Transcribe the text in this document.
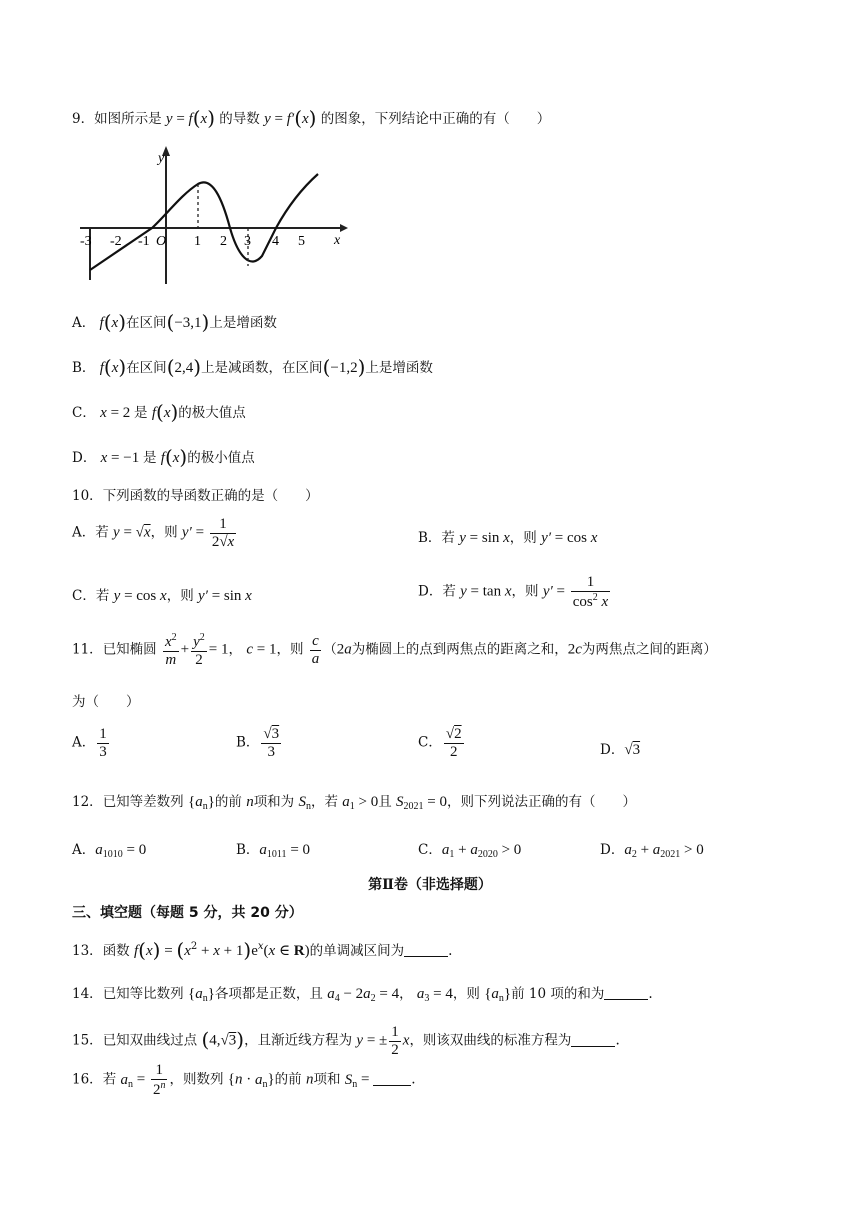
9．如图所示是 y = f(x) 的导数 y = f′(x) 的图象，下列结论中正确的有（　　）
y
x
O
-3 -2 -1	1 2 3 4 5
A． f(x)在区间(−3,1)上是增函数
B． f(x)在区间(2,4)上是减函数，在区间(−1,2)上是增函数
C． x = 2 是 f(x)的极大值点
D． x = −1 是 f(x)的极小值点
10．下列函数的导函数正确的是（　　）
A．若 y = √x，则 $y' = \frac{1}{2√x}$	B．若 y = sin x，则 y′ = cos x
C．若 y = cos x，则 y′ = sin x	D．若 y = tan x，则 $y' = \frac{1}{\cos^2 x}$
11．已知椭圆 $\frac{x^2}{m} + \frac{y^2}{2} = 1$， c = 1，则 $\frac{c}{a} (2a$为椭圆上的点到两焦点的距离之和，2c为两焦点之间的距离）
为（　　）
A． $\frac{1}{3}$	B． $\frac{√3}{3}$	C． $\frac{√2}{2}$	D．√3
12．已知等差数列 $\{a_n\}$的前 n项和为 $S_n$，若 $a_1 > 0$且 $S_{2021} = 0$，则下列说法正确的有（　　）
A．$a_{1010} = 0$	B．$a_{1011} = 0$	C．$a_1 + a_{2020} > 0$	D．$a_2 + a_{2021} > 0$
第Ⅱ卷（非选择题）
三、填空题（每题 5 分，共 20 分）
13．函数 $f(x) = (x^2 + x + 1)e^x(x$ ∈ R)的单调减区间为	.
14．已知等比数列 $\{a_n\}$各项都是正数，且 $a_4 - 2a_2 = 4$， $a_3 = 4$，则 $\{a_n\}$前 10 项的和为	.
15．已知双曲线过点 (4,√3)，且渐近线方程为 y = ± $\frac{1}{2}$ x，则该双曲线的标准方程为	.
16．若 $a_n = \frac{1}{2^n}$ ，则数列 $\{n \cdot a_n\}$的前 n项和 $S_n$ =	.
